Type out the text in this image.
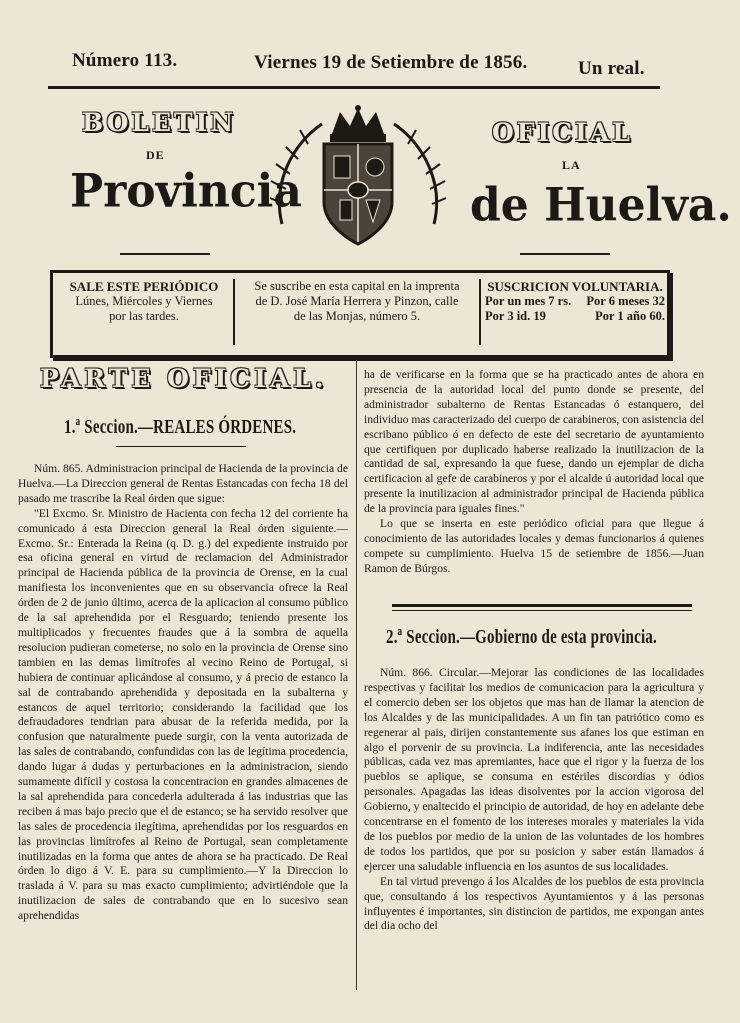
Número 113.	Viernes 19 de Setiembre de 1856.	Un real.
BOLETIN
DE
Provincia
OFICIAL
LA
de Huelva.
SALE ESTE PERIÓDICO
Lúnes, Miércoles y Viernes
por las tardes.
Se suscribe en esta capital en la imprenta
de D. José María Herrera y Pinzon, calle
de las Monjas, número 5.
SUSCRICION VOLUNTARIA.
Por un mes 7 rs. Por 6 meses 32
Por 3 id. 19	Por 1 año 60.
PARTE OFICIAL.
1.ª Seccion.—REALES ÓRDENES.

Núm. 865. Administracion principal de Hacienda de la provincia de Huelva.—La Direccion general de Rentas Estancadas con fecha 18 del pasado me trascribe la Real órden que sigue:

"El Excmo. Sr. Ministro de Hacienta con fecha 12 del corriente ha comunicado á esta Direccion general la Real órden siguiente.—Excmo. Sr.: Enterada la Reina (q. D. g.) del expediente instruido por esa oficina general en virtud de reclamacion del Administrador principal de Hacienda pública de la provincia de Orense, en la cual manifiesta los inconvenientes que en su observancia ofrece la Real órden de 2 de junio último, acerca de la aplicacion al consumo público de la sal aprehendida por el Resguardo; teniendo presente los multiplicados y frecuentes fraudes que á la sombra de aquella resolucion pudieran cometerse, no solo en la provincia de Orense sino tambien en las demas limítrofes al vecino Reino de Portugal, si hubiera de continuar aplicándose al consumo, y á precio de estanco la sal de contrabando aprehendida y depositada en la subalterna y estancos de aquel territorio; considerando la facilidad que los defraudadores tendrian para abusar de la referida medida, por la confusion que naturalmente puede surgir, con la venta autorizada de las sales de contrabando, confundidas con las de legítima procedencia, dando lugar á dudas y perturbaciones en la administracion, siendo sumamente difícil y costosa la concentracion en grandes almacenes de la sal aprehendida para concederla adulterada á las industrias que las reciben á mas bajo precio que el de estanco; se ha servido resolver que las sales de procedencia ilegítima, aprehendidas por los resguardos en las provincias limítrofes al Reino de Portugal, sean completamente inutilizadas en la forma que antes de ahora se ha practicado. De Real órden lo digo á V. E. para su cumplimiento.—Y la Direccion lo traslada á V. para su mas exacto cumplimiento; advirtiéndole que la inutilizacion de sales de contrabando que en lo sucesivo sean aprehendidas

ha de verificarse en la forma que se ha practicado antes de ahora en presencia de la autoridad local del punto donde se presente, del administrador subalterno de Rentas Estancadas ó estanquero, del individuo mas caracterizado del cuerpo de carabineros, con asistencia del escribano público ó en defecto de este del secretario de ayuntamiento que certifiquen por duplicado haberse realizado la inutilizacion de la cantidad de sal, expresando la que fuese, dando un ejemplar de dicha certificacion al gefe de carabineros y por el alcalde ú autoridad local que presente la inutilizacion al administrador principal de Hacienda pública de la provincia para iguales fines."

Lo que se inserta en este periódico oficial para que llegue á conocimiento de las autoridades locales y demas funcionarios á quienes compete su cumplimiento. Huelva 15 de setiembre de 1856.—Juan Ramon de Búrgos.

2.ª Seccion.—Gobierno de esta provincia.

Núm. 866. Circular.—Mejorar las condiciones de las localidades respectivas y facilitar los medios de comunicacion para la agricultura y el comercio deben ser los objetos que mas han de llamar la atencion de los Alcaldes y de las municipalidades. A un fin tan patriótico como es regenerar al pais, dirijen constantemente sus afanes los que estiman en algo el porvenir de su provincia. La indiferencia, ante las necesidades públicas, cada vez mas apremiantes, hace que el rigor y la fuerza de los pueblos se aplique, se consuma en estériles discordias y ódios personales. Apagadas las ideas disolventes por la accion vigorosa del Gobierno, y enaltecido el principio de autoridad, de hoy en adelante debe concentrarse en el fomento de los intereses morales y materiales la vida de los pueblos por medio de la union de las voluntades de los hombres de todos los partidos, que por su posicion y saber están llamados á ejercer una saludable influencia en los asuntos de sus localidades.

En tal virtud prevengo á los Alcaldes de los pueblos de esta provincia que, consultando á los respectivos Ayuntamientos y á las personas influyentes é importantes, sin distincion de partidos, me expongan antes del dia ocho del
